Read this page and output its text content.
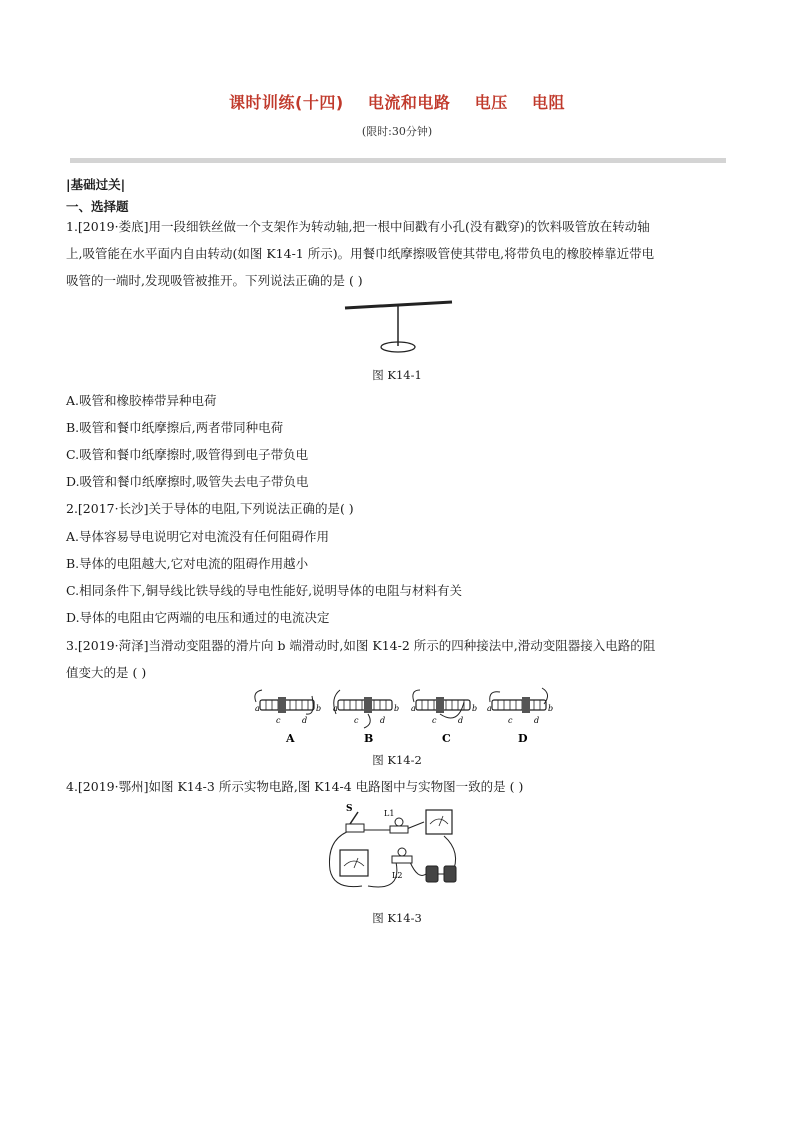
课时训练(十四)    电流和电路    电压    电阻
(限时:30分钟)
|基础过关|
一、选择题
1.[2019·娄底]用一段细铁丝做一个支架作为转动轴,把一根中间戳有小孔(没有戳穿)的饮料吸管放在转动轴
上,吸管能在水平面内自由转动(如图 K14-1 所示)。用餐巾纸摩擦吸管使其带电,将带负电的橡胶棒靠近带电
吸管的一端时,发现吸管被推开。下列说法正确的是 ( )
图 K14-1
A.吸管和橡胶棒带异种电荷
B.吸管和餐巾纸摩擦后,两者带同种电荷
C.吸管和餐巾纸摩擦时,吸管得到电子带负电
D.吸管和餐巾纸摩擦时,吸管失去电子带负电
2.[2017·长沙]关于导体的电阻,下列说法正确的是( )
A.导体容易导电说明它对电流没有任何阻碍作用
B.导体的电阻越大,它对电流的阻碍作用越小
C.相同条件下,铜导线比铁导线的导电性能好,说明导体的电阻与材料有关
D.导体的电阻由它两端的电压和通过的电流决定
3.[2019·菏泽]当滑动变阻器的滑片向 b 端滑动时,如图 K14-2 所示的四种接法中,滑动变阻器接入电路的阻
值变大的是 ( )
a	b
c	d
A
a	b
c	d
B
a	b
c	d
C
a	b
c	d
D
图 K14-2
4.[2019·鄂州]如图 K14-3 所示实物电路,图 K14-4 电路图中与实物图一致的是 ( )
S	L1
L2
图 K14-3
